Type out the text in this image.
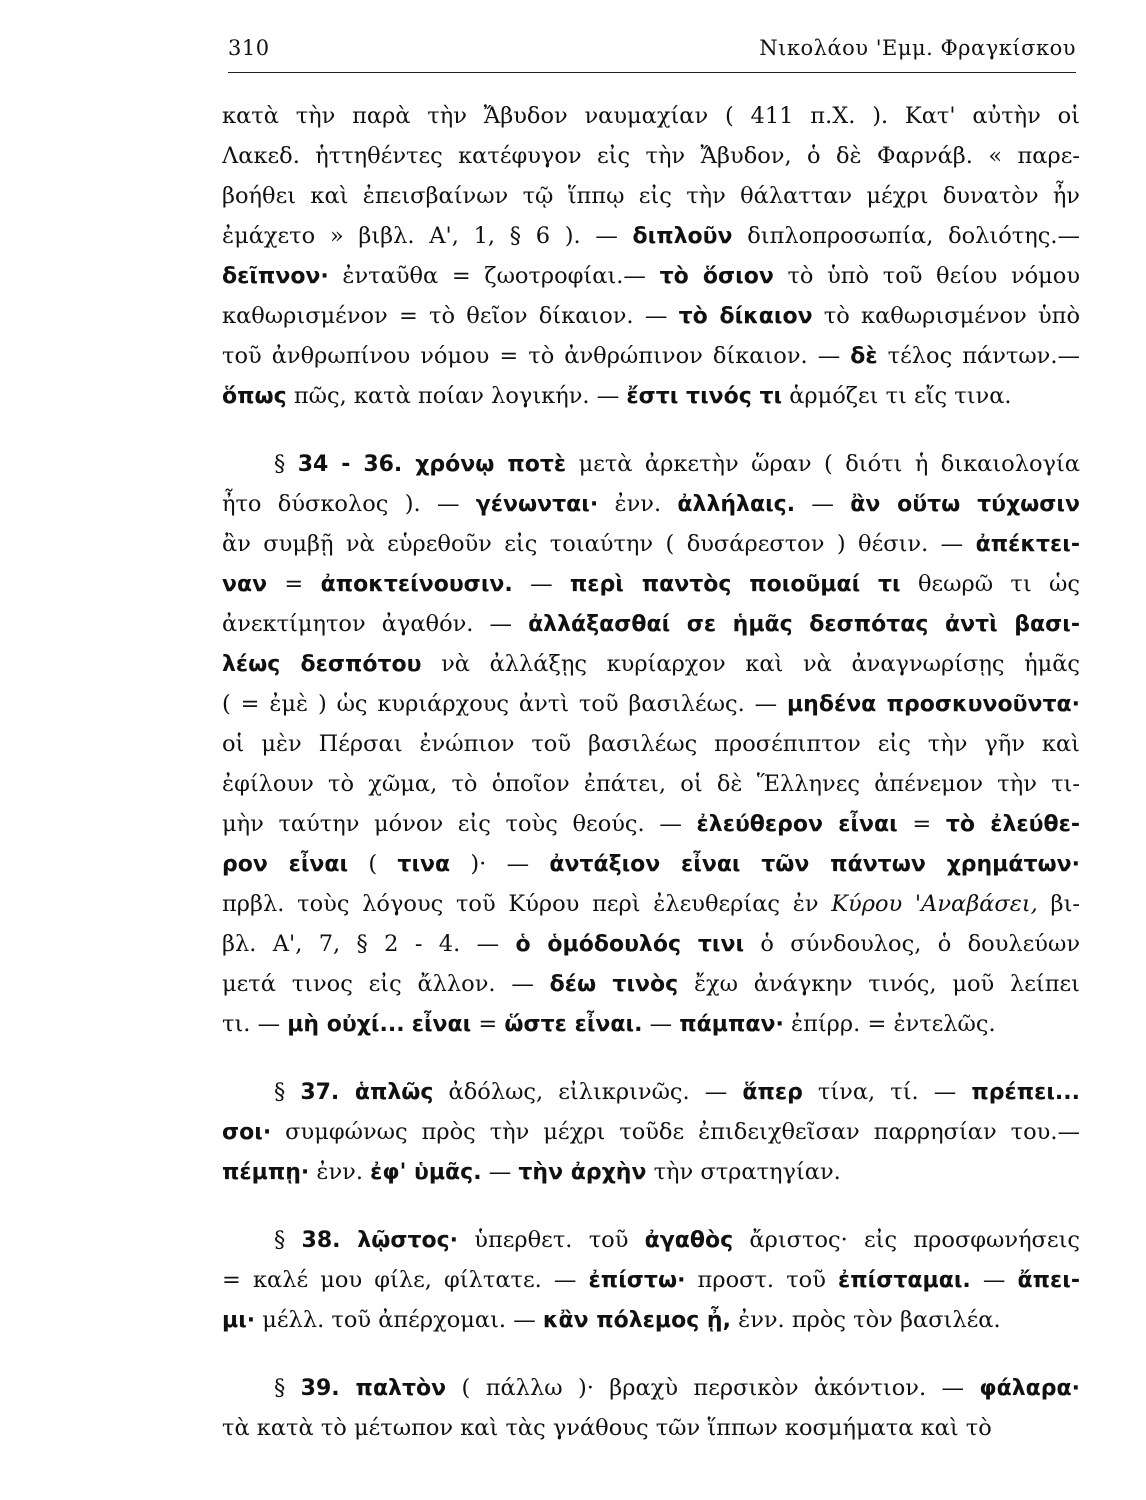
310	Νικολάου 'Εμμ. Φραγκίσκου
κατὰ τὴν παρὰ τὴν Ἄβυδον ναυμαχίαν ( 411 π.Χ. ). Κατ' αὐτὴν οἱ
Λακεδ. ἡττηθέντες κατέφυγον εἰς τὴν Ἄβυδον, ὁ δὲ Φαρνάβ. « παρε-
βοήθει καὶ ἐπεισβαίνων τῷ ἵππῳ εἰς τὴν θάλατταν μέχρι δυνατὸν ἦν
ἐμάχετο » βιβλ. Α', 1, § 6 ). — διπλοῦν διπλοπροσωπία, δολιότης.—
δεῖπνον· ἐνταῦθα = ζωοτροφίαι.— τὸ ὅσιον τὸ ὑπὸ τοῦ θείου νόμου
καθωρισμένον = τὸ θεῖον δίκαιον. — τὸ δίκαιον τὸ καθωρισμένον ὑπὸ
τοῦ ἀνθρωπίνου νόμου = τὸ ἀνθρώπινον δίκαιον. — δὲ τέλος πάντων.—
ὅπως πῶς, κατὰ ποίαν λογικήν. — ἔστι τινός τι ἁρμόζει τι εἴς τινα.
§ 34 - 36. χρόνῳ ποτὲ μετὰ ἀρκετὴν ὥραν ( διότι ἡ δικαιολογία
ἦτο δύσκολος ). — γένωνται· ἐνν. ἀλλήλαις. — ἂν οὕτω τύχωσιν
ἂν συμβῇ νὰ εὑρεθοῦν εἰς τοιαύτην ( δυσάρεστον ) θέσιν. — ἀπέκτει-
ναν = ἀποκτείνουσιν. — περὶ παντὸς ποιοῦμαί τι θεωρῶ τι ὡς
ἀνεκτίμητον ἀγαθόν. — ἀλλάξασθαί σε ἡμᾶς δεσπότας ἀντὶ βασι-
λέως δεσπότου νὰ ἀλλάξῃς κυρίαρχον καὶ νὰ ἀναγνωρίσῃς ἡμᾶς
( = ἐμὲ ) ὡς κυριάρχους ἀντὶ τοῦ βασιλέως. — μηδένα προσκυνοῦντα·
οἱ μὲν Πέρσαι ἐνώπιον τοῦ βασιλέως προσέπιπτον εἰς τὴν γῆν καὶ
ἐφίλουν τὸ χῶμα, τὸ ὁποῖον ἐπάτει, οἱ δὲ Ἕλληνες ἀπένεμον τὴν τι-
μὴν ταύτην μόνον εἰς τοὺς θεούς. — ἐλεύθερον εἶναι = τὸ ἐλεύθε-
ρον εἶναι ( τινα )· — ἀντάξιον εἶναι τῶν πάντων χρημάτων·
πρβλ. τοὺς λόγους τοῦ Κύρου περὶ ἐλευθερίας ἐν Κύρου 'Αναβάσει, βι-
βλ. Α', 7, § 2 - 4. — ὁ ὁμόδουλός τινι ὁ σύνδουλος, ὁ δουλεύων
μετά τινος εἰς ἄλλον. — δέω τινὸς ἔχω ἀνάγκην τινός, μοῦ λείπει
τι. — μὴ οὐχί... εἶναι = ὥστε εἶναι. — πάμπαν· ἐπίρρ. = ἐντελῶς.
§ 37. ἁπλῶς ἀδόλως, εἰλικρινῶς. — ἅπερ τίνα, τί. — πρέπει...
σοι· συμφώνως πρὸς τὴν μέχρι τοῦδε ἐπιδειχθεῖσαν παρρησίαν του.—
πέμπῃ· ἐνν. ἐφ' ὑμᾶς. — τὴν ἀρχὴν τὴν στρατηγίαν.
§ 38. λῷστος· ὑπερθετ. τοῦ ἀγαθὸς ἄριστος· εἰς προσφωνήσεις
= καλέ μου φίλε, φίλτατε. — ἐπίστω· προστ. τοῦ ἐπίσταμαι. — ἄπει-
μι· μέλλ. τοῦ ἀπέρχομαι. — κἂν πόλεμος ᾖ, ἐνν. πρὸς τὸν βασιλέα.
§ 39. παλτὸν ( πάλλω )· βραχὺ περσικὸν ἀκόντιον. — φάλαρα·
τὰ κατὰ τὸ μέτωπον καὶ τὰς γνάθους τῶν ἵππων κοσμήματα καὶ τὸ
